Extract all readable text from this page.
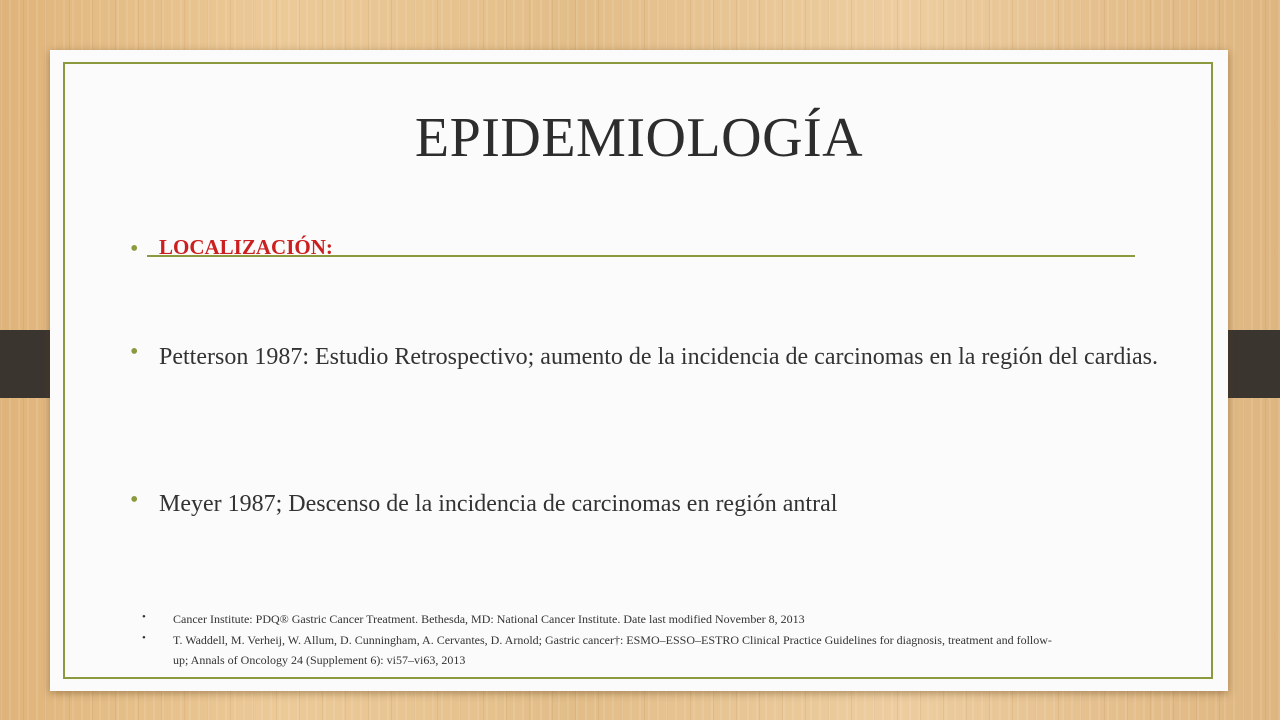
EPIDEMIOLOGÍA
• LOCALIZACIÓN:
• Petterson 1987: Estudio Retrospectivo; aumento de la incidencia de carcinomas en la región del cardias.
• Meyer 1987; Descenso de la incidencia de carcinomas en región antral
• Cancer Institute: PDQ® Gastric Cancer Treatment. Bethesda, MD: National Cancer Institute. Date last modified November 8, 2013
• T. Waddell, M. Verheij, W. Allum, D. Cunningham, A. Cervantes, D. Arnold; Gastric cancer†: ESMO–ESSO–ESTRO Clinical Practice Guidelines for diagnosis, treatment and follow-up; Annals of Oncology 24 (Supplement 6): vi57–vi63, 2013
